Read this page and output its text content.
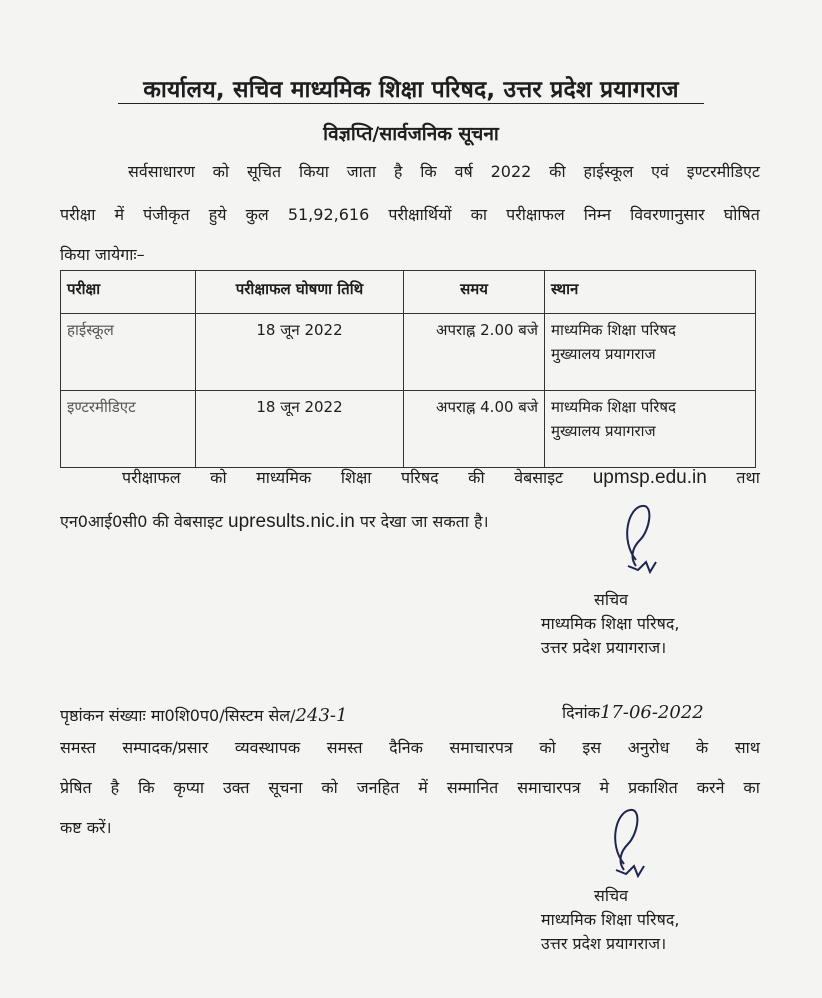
कार्यालय, सचिव माध्यमिक शिक्षा परिषद, उत्तर प्रदेश प्रयागराज
विज्ञप्ति/सार्वजनिक सूचना
सर्वसाधारण को सूचित किया जाता है कि वर्ष 2022 की हाईस्कूल एवं इण्टरमीडिएट
परीक्षा में पंजीकृत हुये कुल 51,92,616 परीक्षार्थियों का परीक्षाफल निम्न विवरणानुसार घोषित
किया जायेगाः–
परीक्षा	परीक्षाफल घोषणा तिथि	समय	स्थान
हाईस्कूल	18 जून 2022	अपराह्न 2.00 बजे	माध्यमिक शिक्षा परिषद
मुख्यालय प्रयागराज

इण्टरमीडिएट	18 जून 2022	अपराह्न 4.00 बजे	माध्यमिक शिक्षा परिषद
मुख्यालय प्रयागराज
परीक्षाफल को माध्यमिक शिक्षा परिषद की वेबसाइट upmsp.edu.in तथा
एन0आई0सी0 की वेबसाइट upresults.nic.in पर देखा जा सकता है।
सचिव
माध्यमिक शिक्षा परिषद,
उत्तर प्रदेश प्रयागराज।
पृष्ठांकन संख्याः मा0शि0प0/सिस्टम सेल/243-1	दिनांक17-06-2022
समस्त सम्पादक/प्रसार व्यवस्थापक समस्त दैनिक समाचारपत्र को इस अनुरोध के साथ
प्रेषित है कि कृप्या उक्त सूचना को जनहित में सम्मानित समाचारपत्र मे प्रकाशित करने का
कष्ट करें।
सचिव
माध्यमिक शिक्षा परिषद,
उत्तर प्रदेश प्रयागराज।
